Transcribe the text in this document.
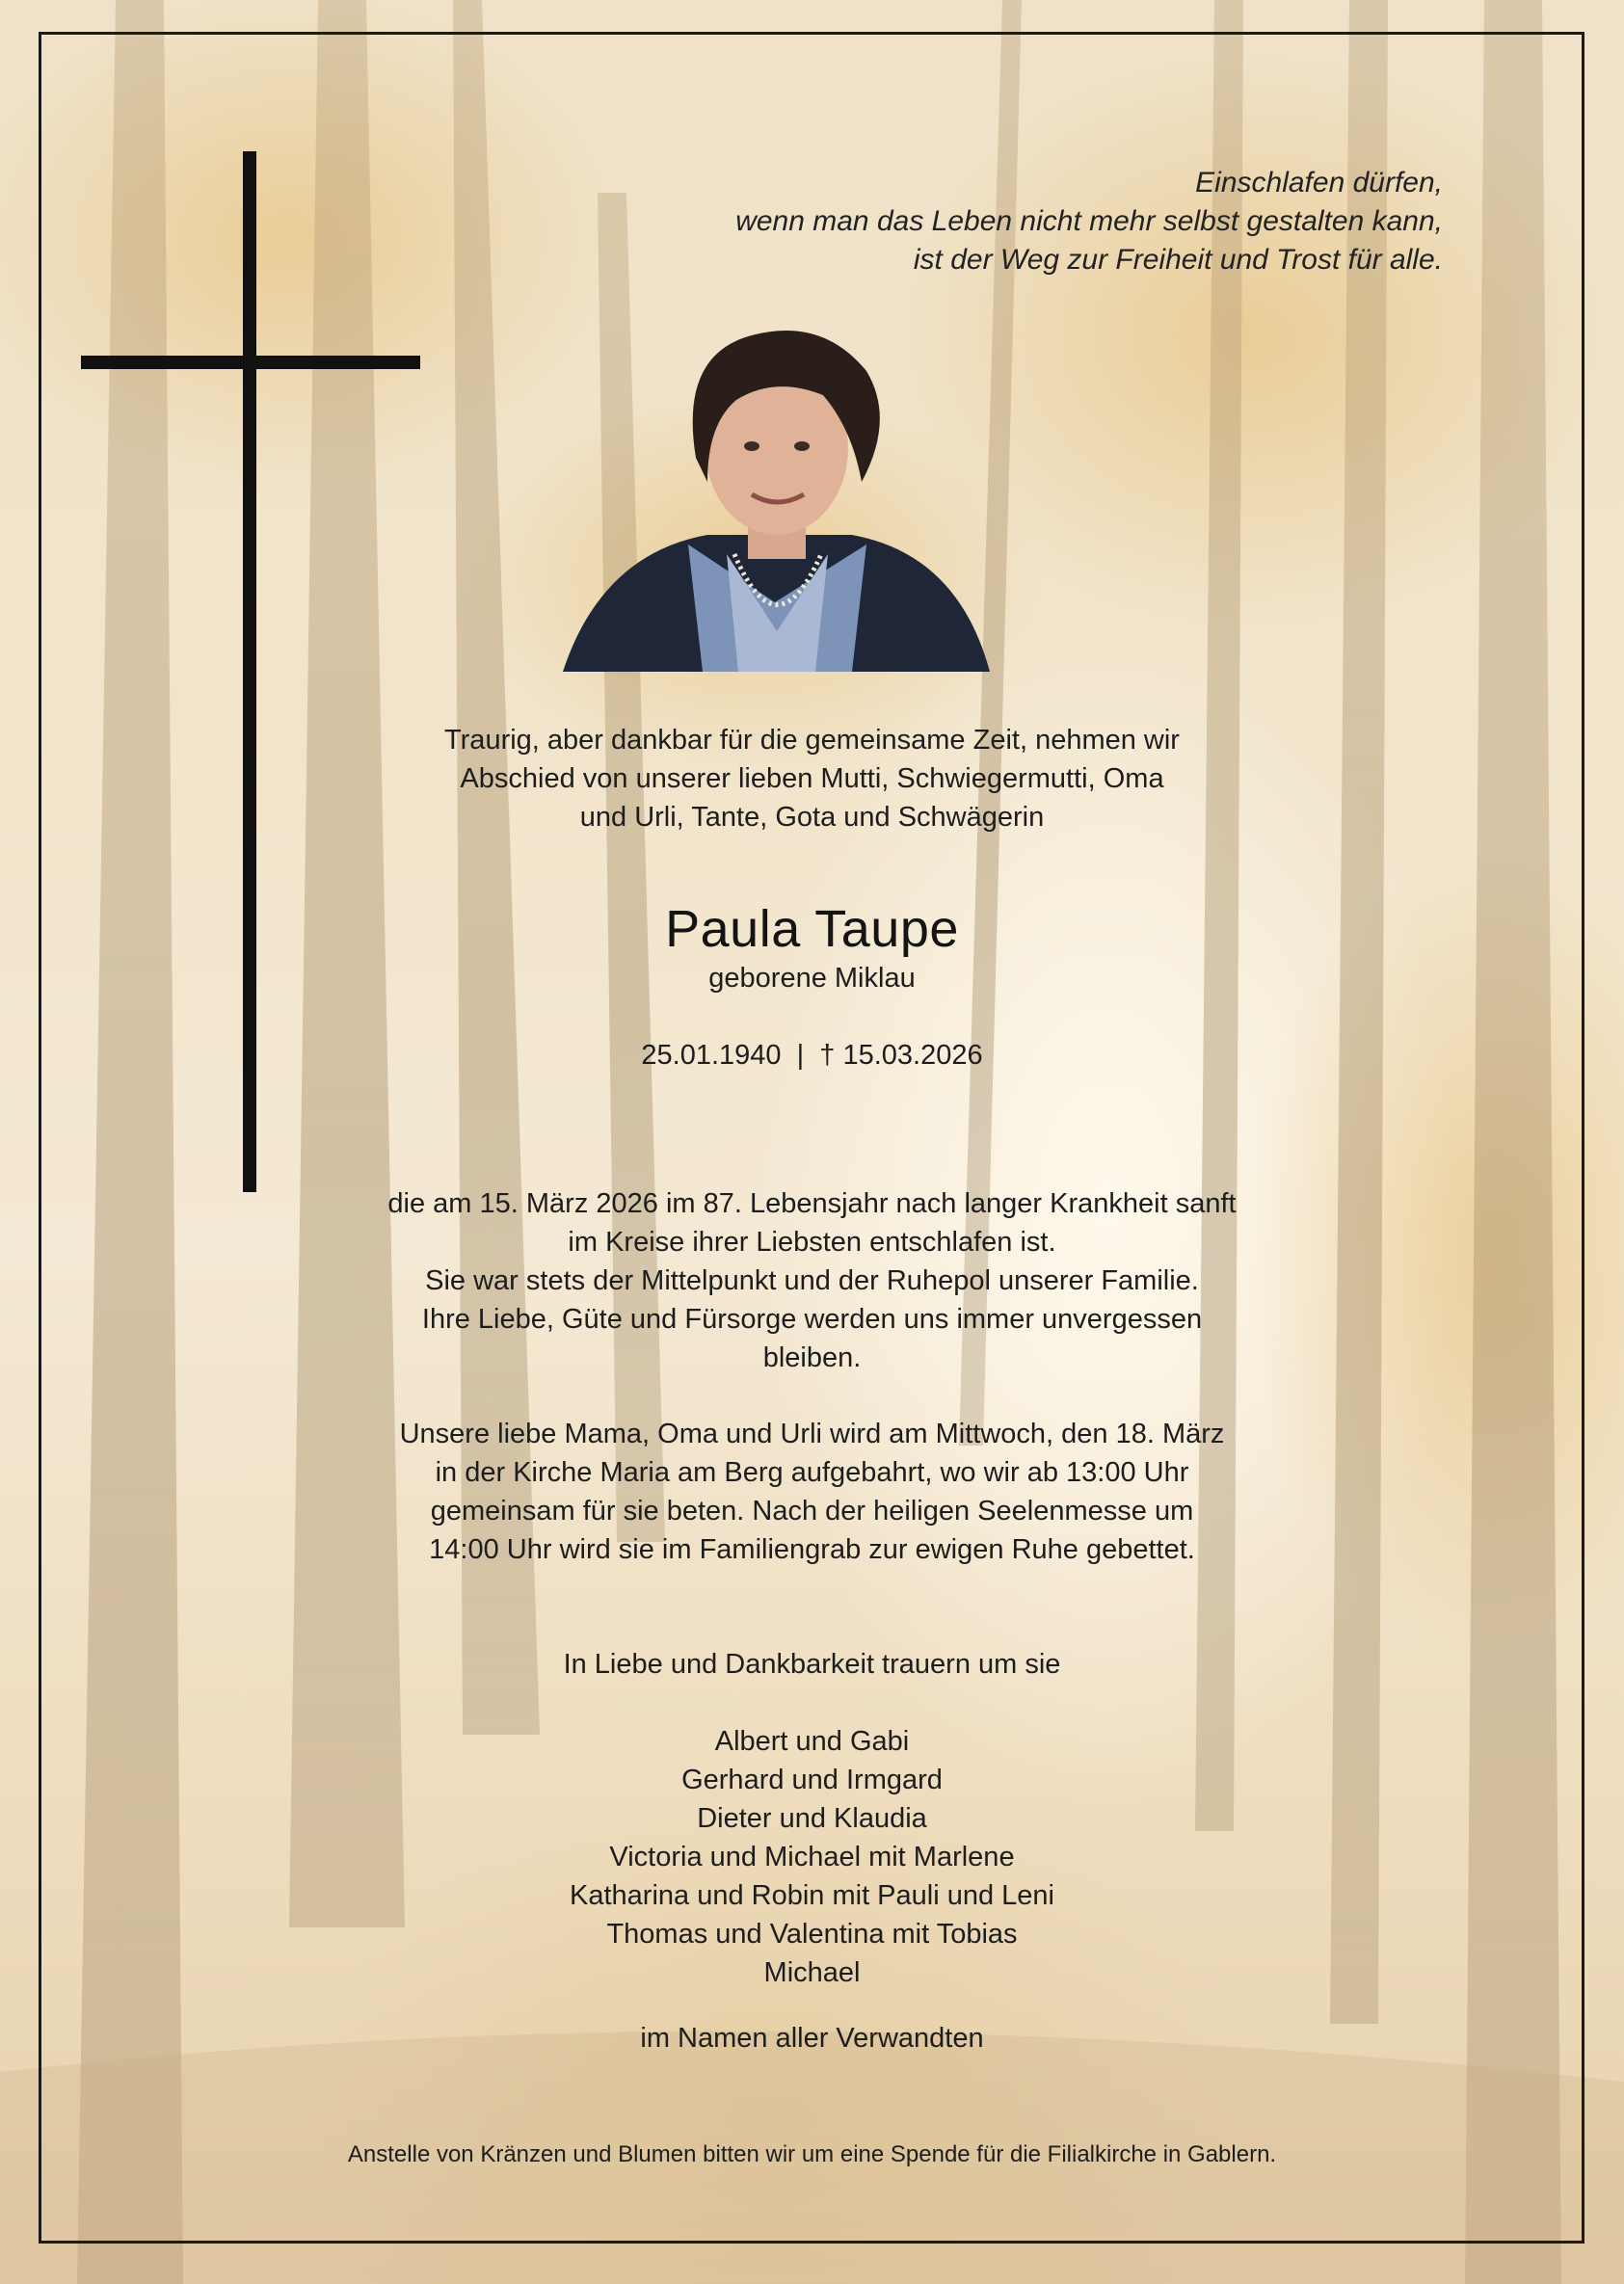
Einschlafen dürfen,
wenn man das Leben nicht mehr selbst gestalten kann,
ist der Weg zur Freiheit und Trost für alle.
Traurig, aber dankbar für die gemeinsame Zeit, nehmen wir
Abschied von unserer lieben Mutti, Schwiegermutti, Oma
und Urli, Tante, Gota und Schwägerin
Paula Taupe
geborene Miklau
25.01.1940  |  † 15.03.2026
die am 15. März 2026 im 87. Lebensjahr nach langer Krankheit sanft
im Kreise ihrer Liebsten entschlafen ist.
Sie war stets der Mittelpunkt und der Ruhepol unserer Familie.
Ihre Liebe, Güte und Fürsorge werden uns immer unvergessen
bleiben.
Unsere liebe Mama, Oma und Urli wird am Mittwoch, den 18. März
in der Kirche Maria am Berg aufgebahrt, wo wir ab 13:00 Uhr
gemeinsam für sie beten. Nach der heiligen Seelenmesse um
14:00 Uhr wird sie im Familiengrab zur ewigen Ruhe gebettet.
In Liebe und Dankbarkeit trauern um sie
Albert und Gabi
Gerhard und Irmgard
Dieter und Klaudia
Victoria und Michael mit Marlene
Katharina und Robin mit Pauli und Leni
Thomas und Valentina mit Tobias
Michael
im Namen aller Verwandten
Anstelle von Kränzen und Blumen bitten wir um eine Spende für die Filialkirche in Gablern.
